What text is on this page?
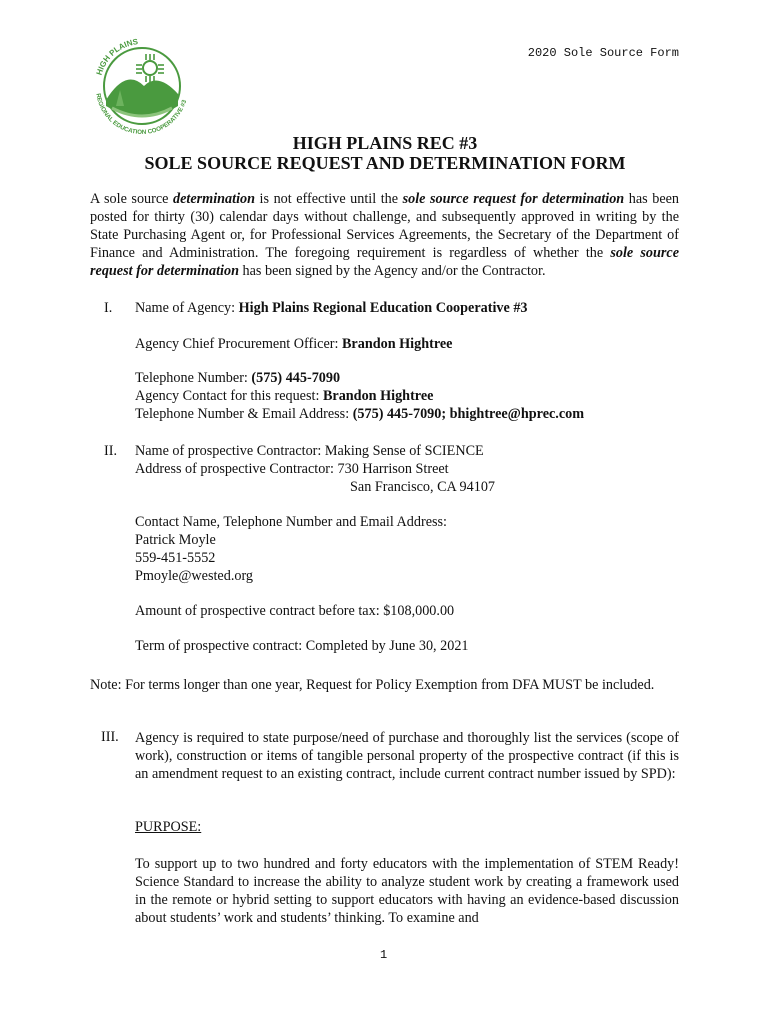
HIGH PLAINS
REGIONAL EDUCATION COOPERATIVE #3
2020 Sole Source Form
HIGH PLAINS REC #3
SOLE SOURCE REQUEST AND DETERMINATION FORM
A sole source determination is not effective until the sole source request for determination has been posted for thirty (30) calendar days without challenge, and subsequently approved in writing by the State Purchasing Agent or, for Professional Services Agreements, the Secretary of the Department of Finance and Administration. The foregoing requirement is regardless of whether the sole source request for determination has been signed by the Agency and/or the Contractor.
I. Name of Agency: High Plains Regional Education Cooperative #3
Agency Chief Procurement Officer: Brandon Hightree
Telephone Number: (575) 445-7090
Agency Contact for this request: Brandon Hightree
Telephone Number & Email Address: (575) 445-7090; bhightree@hprec.com
II. Name of prospective Contractor: Making Sense of SCIENCE
Address of prospective Contractor: 730 Harrison Street
San Francisco, CA 94107
Contact Name, Telephone Number and Email Address:
Patrick Moyle
559-451-5552
Pmoyle@wested.org
Amount of prospective contract before tax: $108,000.00
Term of prospective contract: Completed by June 30, 2021
Note: For terms longer than one year, Request for Policy Exemption from DFA MUST be included.
III. Agency is required to state purpose/need of purchase and thoroughly list the services (scope of work), construction or items of tangible personal property of the prospective contract (if this is an amendment request to an existing contract, include current contract number issued by SPD):
PURPOSE:
To support up to two hundred and forty educators with the implementation of STEM Ready! Science Standard to increase the ability to analyze student work by creating a framework used in the remote or hybrid setting to support educators with having an evidence-based discussion about students’ work and students’ thinking. To examine and
1
